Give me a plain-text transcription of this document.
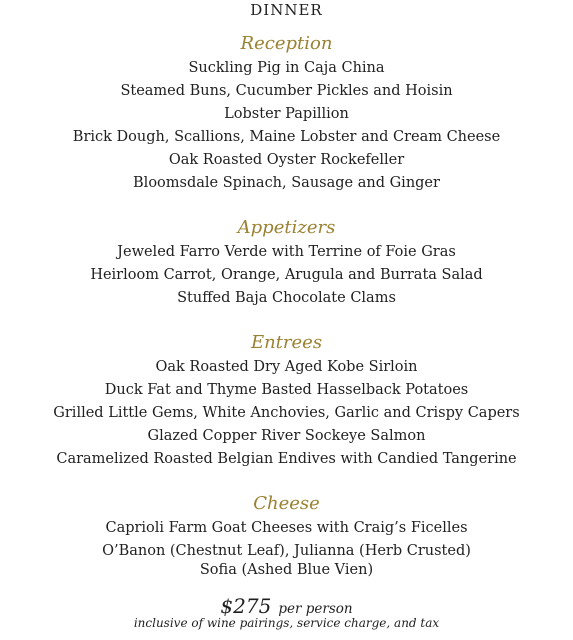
DINNER
Reception
Suckling Pig in Caja China
Steamed Buns, Cucumber Pickles and Hoisin
Lobster Papillion
Brick Dough, Scallions, Maine Lobster and Cream Cheese
Oak Roasted Oyster Rockefeller
Bloomsdale Spinach, Sausage and Ginger
Appetizers
Jeweled Farro Verde with Terrine of Foie Gras
Heirloom Carrot, Orange, Arugula and Burrata Salad
Stuffed Baja Chocolate Clams
Entrees
Oak Roasted Dry Aged Kobe Sirloin
Duck Fat and Thyme Basted Hasselback Potatoes
Grilled Little Gems, White Anchovies, Garlic and Crispy Capers
Glazed Copper River Sockeye Salmon
Caramelized Roasted Belgian Endives with Candied Tangerine
Cheese
Caprioli Farm Goat Cheeses with Craig’s Ficelles
O’Banon (Chestnut Leaf), Julianna (Herb Crusted)
Sofia (Ashed Blue Vien)
$275 per person
inclusive of wine pairings, service charge, and tax
